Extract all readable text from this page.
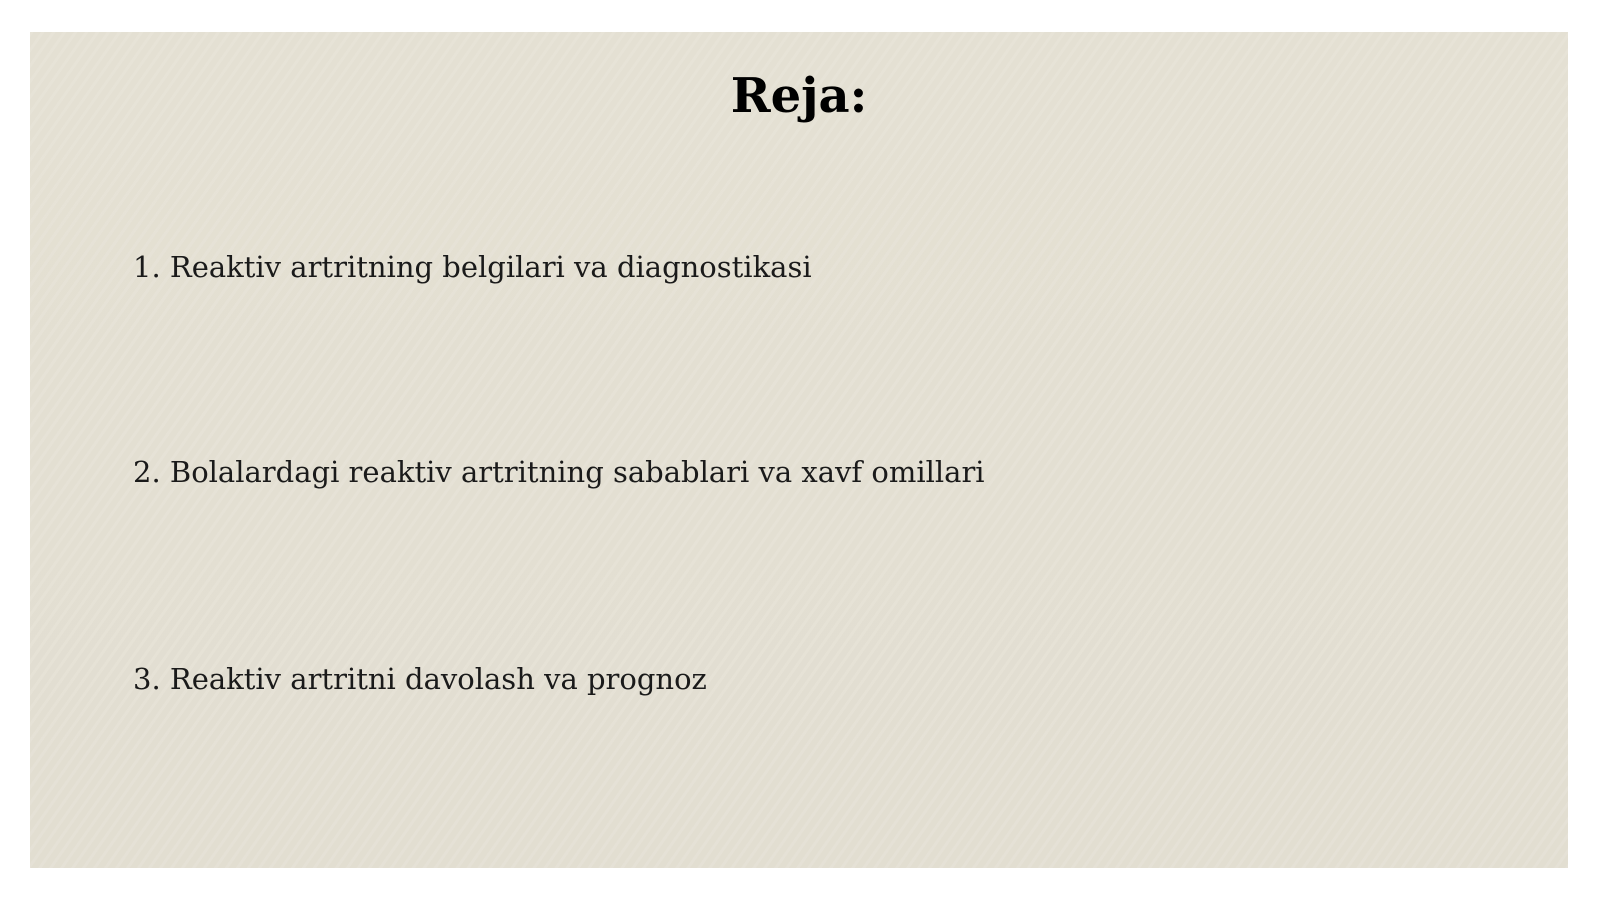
Reja:
1. Reaktiv artritning belgilari va diagnostikasi
2. Bolalardagi reaktiv artritning sabablari va xavf omillari
3. Reaktiv artritni davolash va prognoz
